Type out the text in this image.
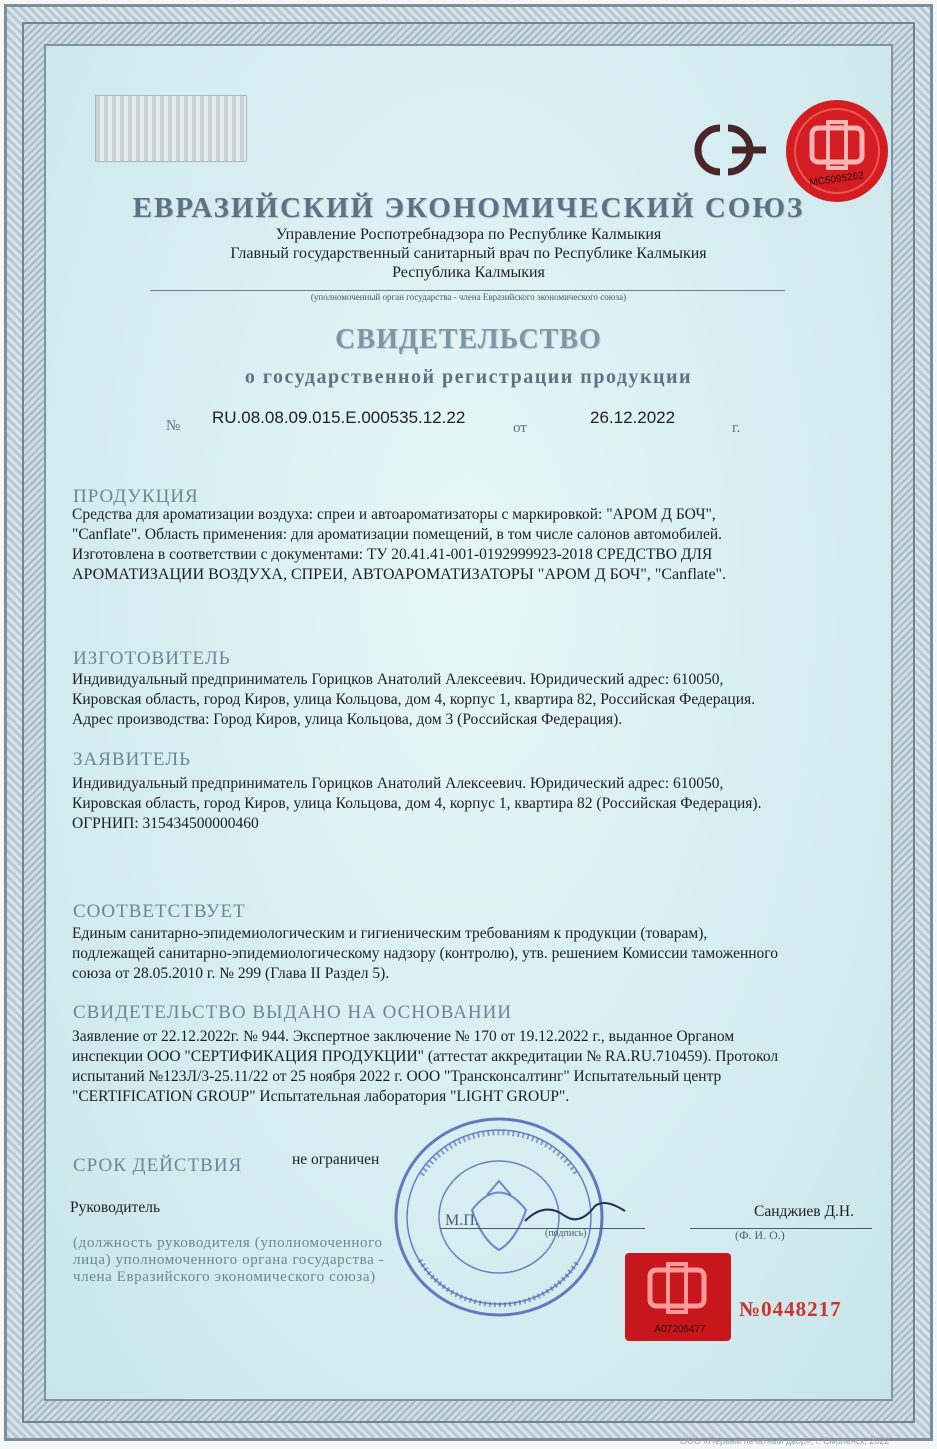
МС5095262
ЕВРАЗИЙСКИЙ ЭКОНОМИЧЕСКИЙ СОЮЗ
Управление Роспотребнадзора по Республике Калмыкия
Главный государственный санитарный врач по Республике Калмыкия
Республика Калмыкия
(уполномоченный орган государства - члена Евразийского экономического союза)
СВИДЕТЕЛЬСТВО
о государственной регистрации продукции
№ RU.08.08.09.015.Е.000535.12.22
от
26.12.2022
г.
ПРОДУКЦИЯ
Средства для ароматизации воздуха: спреи и автоароматизаторы с маркировкой: "АРОМ Д БОЧ",
"Canflate". Область применения: для ароматизации помещений, в том числе салонов автомобилей.
Изготовлена в соответствии с документами: ТУ 20.41.41-001-0192999923-2018 СРЕДСТВО ДЛЯ
АРОМАТИЗАЦИИ ВОЗДУХА, СПРЕИ, АВТОАРОМАТИЗАТОРЫ "АРОМ Д БОЧ", "Canflate".
ИЗГОТОВИТЕЛЬ
Индивидуальный предприниматель Горицков Анатолий Алексеевич. Юридический адрес: 610050,
Кировская область, город Киров, улица Кольцова, дом 4, корпус 1, квартира 82, Российская Федерация.
Адрес производства: Город Киров, улица Кольцова, дом 3 (Российская Федерация).
ЗАЯВИТЕЛЬ
Индивидуальный предприниматель Горицков Анатолий Алексеевич. Юридический адрес: 610050,
Кировская область, город Киров, улица Кольцова, дом 4, корпус 1, квартира 82 (Российская Федерация).
ОГРНИП: 315434500000460
СООТВЕТСТВУЕТ
Единым санитарно-эпидемиологическим и гигиеническим требованиям к продукции (товарам),
подлежащей санитарно-эпидемиологическому надзору (контролю), утв. решением Комиссии таможенного
союза от 28.05.2010 г. № 299 (Глава II Раздел 5).
СВИДЕТЕЛЬСТВО ВЫДАНО НА ОСНОВАНИИ
Заявление от 22.12.2022г. № 944. Экспертное заключение № 170 от 19.12.2022 г., выданное Органом
инспекции ООО "СЕРТИФИКАЦИЯ ПРОДУКЦИИ" (аттестат аккредитации № RA.RU.710459). Протокол
испытаний №123Л/3-25.11/22 от 25 ноября 2022 г. ООО "Трансконсалтинг" Испытательный центр
"CERTIFICATION GROUP" Испытательная лаборатория "LIGHT GROUP".
СРОК ДЕЙСТВИЯ	не ограничен
Руководитель	Санджиев Д.Н.
М.П.
(подпись)	(Ф. И. О.)
(должность руководителя (уполномоченного
лица) уполномоченного органа государства -
члена Евразийского экономического союза)
А07206477
№0448217
ООО «Первый печатный двор», г. Смоленск, 2022
